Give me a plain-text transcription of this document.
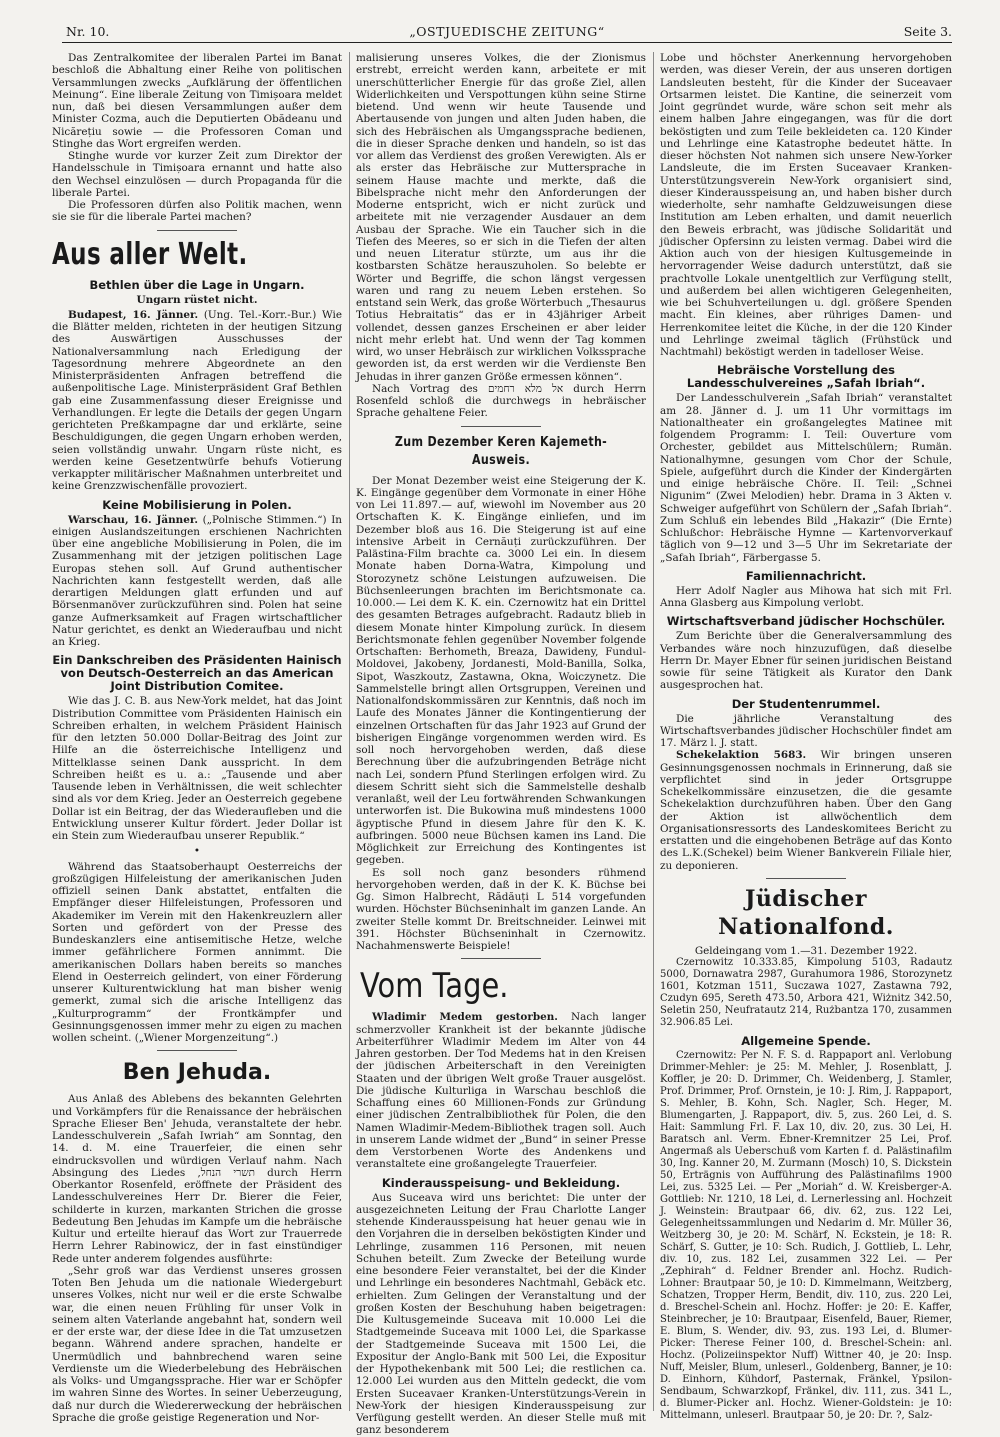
Nr. 10.	„OSTJUEDISCHE ZEITUNG“	Seite 3.

Das Zentralkomitee der liberalen Partei im Banat beschloß die Abhaltung einer Reihe von politischen Versammlungen zwecks „Aufklärung der öffentlichen Meinung“. Eine liberale Zeitung von Timișoara meldet nun, daß bei diesen Versammlungen außer dem Minister Cozma, auch die Deputierten Obădeanu und Nicărețiu sowie — die Professoren Coman und Stinghe das Wort ergreifen werden.

Stinghe wurde vor kurzer Zeit zum Direktor der Handelsschule in Timișoara ernannt und hatte also den Wechsel einzulösen — durch Propaganda für die liberale Partei.

Die Professoren dürfen also Politik machen, wenn sie sie für die liberale Partei machen?

Aus aller Welt.
Bethlen über die Lage in Ungarn.
Ungarn rüstet nicht.

Budapest, 16. Jänner. (Ung. Tel.-Korr.-Bur.) Wie die Blätter melden, richteten in der heutigen Sitzung des Auswärtigen Ausschusses der Nationalversammlung nach Erledigung der Tagesordnung mehrere Abgeordnete an den Ministerpräsidenten Anfragen betreffend die außenpolitische Lage. Ministerpräsident Graf Bethlen gab eine Zusammenfassung dieser Ereignisse und Verhandlungen. Er legte die Details der gegen Ungarn gerichteten Preßkampagne dar und erklärte, seine Beschuldigungen, die gegen Ungarn erhoben werden, seien vollständig unwahr. Ungarn rüste nicht, es werden keine Gesetzentwürfe behufs Votierung verkappter militärischer Maßnahmen unterbreitet und keine Grenzzwischenfälle provoziert.

Keine Mobilisierung in Polen.

Warschau, 16. Jänner. („Polnische Stimmen.“) In einigen Auslandszeitungen erschienen Nachrichten über eine angebliche Mobilisierung in Polen, die im Zusammenhang mit der jetzigen politischen Lage Europas stehen soll. Auf Grund authentischer Nachrichten kann festgestellt werden, daß alle derartigen Meldungen glatt erfunden und auf Börsenmanöver zurückzuführen sind. Polen hat seine ganze Aufmerksamkeit auf Fragen wirtschaftlicher Natur gerichtet, es denkt an Wiederaufbau und nicht an Krieg.

Ein Dankschreiben des Präsidenten Hainisch von Deutsch-Oesterreich an das American Joint Distribution Comitee.

Wie das J. C. B. aus New-York meldet, hat das Joint Distribution Committee vom Präsidenten Hainisch ein Schreiben erhalten, in welchem Präsident Hainisch für den letzten 50.000 Dollar-Beitrag des Joint zur Hilfe an die österreichische Intelligenz und Mittelklasse seinen Dank ausspricht. In dem Schreiben heißt es u. a.: „Tausende und aber Tausende leben in Verhältnissen, die weit schlechter sind als vor dem Krieg. Jeder an Oesterreich gegebene Dollar ist ein Beitrag, der das Wiederaufleben und die Entwicklung unserer Kultur fördert. Jeder Dollar ist ein Stein zum Wiederaufbau unserer Republik.“

•

Während das Staatsoberhaupt Oesterreichs der großzügigen Hilfeleistung der amerikanischen Juden offiziell seinen Dank abstattet, entfalten die Empfänger dieser Hilfeleistungen, Professoren und Akademiker im Verein mit den Hakenkreuzlern aller Sorten und gefördert von der Presse des Bundeskanzlers eine antisemitische Hetze, welche immer gefährlichere Formen annimmt. Die amerikanischen Dollars haben bereits so manches Elend in Oesterreich gelindert, von einer Förderung unserer Kulturentwicklung hat man bisher wenig gemerkt, zumal sich die arische Intelligenz das „Kulturprogramm“ der Frontkämpfer und Gesinnungsgenossen immer mehr zu eigen zu machen wollen scheint. („Wiener Morgenzeitung“.)

Ben Jehuda.

Aus Anlaß des Ablebens des bekannten Gelehrten und Vorkämpfers für die Renaissance der hebräischen Sprache Elieser Ben' Jehuda, veranstaltete der hebr. Landesschulverein „Safah Iwriah“ am Sonntag, den 14. d. M. eine Trauerfeier, die einen sehr eindrucksvollen und würdigen Verlauf nahm. Nach Absingung des Liedes ,תשרי הנחל durch Herrn Oberkantor Rosenfeld, eröffnete der Präsident des Landesschulvereines Herr Dr. Bierer die Feier, schilderte in kurzen, markanten Strichen die grosse Bedeutung Ben Jehudas im Kampfe um die hebräische Kultur und erteilte hierauf das Wort zur Trauerrede Herrn Lehrer Rabinowicz, der in fast einstündiger Rede unter anderem folgendes ausführte:

„Sehr groß war das Verdienst unseres grossen Toten Ben Jehuda um die nationale Wiedergeburt unseres Volkes, nicht nur weil er die erste Schwalbe war, die einen neuen Frühling für unser Volk in seinem alten Vaterlande angebahnt hat, sondern weil er der erste war, der diese Idee in die Tat umzusetzen begann. Während andere sprachen, handelte er Unermüdlich und bahnbrechend waren seine Verdienste um die Wiederbelebung des Hebräischen als Volks- und Umgangssprache. Hier war er Schöpfer im wahren Sinne des Wortes. In seiner Ueberzeugung, daß nur durch die Wiedererweckung der hebräischen Sprache die große geistige Regeneration und Nor-

malisierung unseres Volkes, die der Zionismus erstrebt, erreicht werden kann, arbeitete er mit unerschütterlicher Energie für das große Ziel, allen Widerlichkeiten und Verspottungen kühn seine Stirne bietend. Und wenn wir heute Tausende und Abertausende von jungen und alten Juden haben, die sich des Hebräischen als Umgangssprache bedienen, die in dieser Sprache denken und handeln, so ist das vor allem das Verdienst des großen Verewigten. Als er als erster das Hebräische zur Muttersprache in seinem Hause machte und merkte, daß die Bibelsprache nicht mehr den Anforderungen der Moderne entspricht, wich er nicht zurück und arbeitete mit nie verzagender Ausdauer an dem Ausbau der Sprache. Wie ein Taucher sich in die Tiefen des Meeres, so er sich in die Tiefen der alten und neuen Literatur stürzte, um aus ihr die kostbarsten Schätze herauszuholen. So belebte er Wörter und Begriffe, die schon längst vergessen waren und rang zu neuem Leben erstehen. So entstand sein Werk, das große Wörterbuch „Thesaurus Totius Hebraitatis“ das er in 43jähriger Arbeit vollendet, dessen ganzes Erscheinen er aber leider nicht mehr erlebt hat. Und wenn der Tag kommen wird, wo unser Hebräisch zur wirklichen Volkssprache geworden ist, da erst werden wir die Verdienste Ben Jehudas in ihrer ganzen Größe ermessen können“.

Nach Vortrag des אל מלא רחמים durch Herrn Rosenfeld schloß die durchwegs in hebräischer Sprache gehaltene Feier.

Zum Dezember Keren Kajemeth-Ausweis.

Der Monat Dezember weist eine Steigerung der K. K. Eingänge gegenüber dem Vormonate in einer Höhe von Lei 11.897.— auf, wiewohl im November aus 20 Ortschaften K. K. Eingänge einliefen, und im Dezember bloß aus 16. Die Steigerung ist auf eine intensive Arbeit in Cernăuți zurückzuführen. Der Palästina-Film brachte ca. 3000 Lei ein. In diesem Monate haben Dorna-Watra, Kimpolung und Storozynetz schöne Leistungen aufzuweisen. Die Büchsenleerungen brachten im Berichtsmonate ca. 10.000.— Lei dem K. K. ein. Czernowitz hat ein Drittel des gesamten Betrages aufgebracht. Radautz blieb in diesem Monate hinter Kimpolung zurück. In diesem Berichtsmonate fehlen gegenüber November folgende Ortschaften: Berhometh, Breaza, Dawideny, Fundul-Moldovei, Jakobeny, Jordanesti, Mold-Banilla, Solka, Sipot, Waszkoutz, Zastawna, Okna, Woiczynetz. Die Sammelstelle bringt allen Ortsgruppen, Vereinen und Nationalfondskommissären zur Kenntnis, daß noch im Laufe des Monates Jänner die Kontingentierung der einzelnen Ortschaften für das Jahr 1923 auf Grund der bisherigen Eingänge vorgenommen werden wird. Es soll noch hervorgehoben werden, daß diese Berechnung über die aufzubringenden Beträge nicht nach Lei, sondern Pfund Sterlingen erfolgen wird. Zu diesem Schritt sieht sich die Sammelstelle deshalb veranlaßt, weil der Leu fortwährenden Schwankungen unterworfen ist. Die Bukowina muß mindestens 1000 ägyptische Pfund in diesem Jahre für den K. K. aufbringen. 5000 neue Büchsen kamen ins Land. Die Möglichkeit zur Erreichung des Kontingentes ist gegeben.

Es soll noch ganz besonders rühmend hervorgehoben werden, daß in der K. K. Büchse bei Gg. Simon Halbrecht, Rădăuți L 514 vorgefunden wurden. Höchster Büchseninhalt im ganzen Lande. An zweiter Stelle kommt Dr. Breitschneider. Leinwei mit 391. Höchster Büchseninhalt in Czernowitz. Nachahmenswerte Beispiele!

Vom Tage.

Wladimir Medem gestorben. Nach langer schmerzvoller Krankheit ist der bekannte jüdische Arbeiterführer Wladimir Medem im Alter von 44 Jahren gestorben. Der Tod Medems hat in den Kreisen der jüdischen Arbeiterschaft in den Vereinigten Staaten und der übrigen Welt große Trauer ausgelöst. Die jüdische Kulturliga in Warschau beschloß die Schaffung eines 60 Millionen-Fonds zur Gründung einer jüdischen Zentralbibliothek für Polen, die den Namen Wladimir-Medem-Bibliothek tragen soll. Auch in unserem Lande widmet der „Bund“ in seiner Presse dem Verstorbenen Worte des Andenkens und veranstaltete eine großangelegte Trauerfeier.

Kinderausspeisung- und Bekleidung.

Aus Suceava wird uns berichtet: Die unter der ausgezeichneten Leitung der Frau Charlotte Langer stehende Kinderausspeisung hat heuer genau wie in den Vorjahren die in derselben beköstigten Kinder und Lehrlinge, zusammen 116 Personen, mit neuen Schuhen beteilt. Zum Zwecke der Beteilung wurde eine besondere Feier veranstaltet, bei der die Kinder und Lehrlinge ein besonderes Nachtmahl, Gebäck etc. erhielten. Zum Gelingen der Veranstaltung und der großen Kosten der Beschuhung haben beigetragen: Die Kultusgemeinde Suceava mit 10.000 Lei die Stadtgemeinde Suceava mit 1000 Lei, die Sparkasse der Stadtgemeinde Suceava mit 1500 Lei, die Expositur der Anglo-Bank mit 500 Lei, die Expositur der Hypothekenbank mit 500 Lei; die restlichen ca. 12.000 Lei wurden aus den Mitteln gedeckt, die vom Ersten Suceavaer Kranken-Unterstützungs-Verein in New-York der hiesigen Kinderausspeisung zur Verfügung gestellt werden. An dieser Stelle muß mit ganz besonderem

Lobe und höchster Anerkennung hervorgehoben werden, was dieser Verein, der aus unseren dortigen Landsleuten besteht, für die Kinder der Suceavaer Ortsarmen leistet. Die Kantine, die seinerzeit vom Joint gegründet wurde, wäre schon seit mehr als einem halben Jahre eingegangen, was für die dort beköstigten und zum Teile bekleideten ca. 120 Kinder und Lehrlinge eine Katastrophe bedeutet hätte. In dieser höchsten Not nahmen sich unsere New-Yorker Landsleute, die im Ersten Suceavaer Kranken-Unterstützungsverein New-York organisiert sind, dieser Kinderausspeisung an, und haben bisher durch wiederholte, sehr namhafte Geldzuweisungen diese Institution am Leben erhalten, und damit neuerlich den Beweis erbracht, was jüdische Solidarität und jüdischer Opfersinn zu leisten vermag. Dabei wird die Aktion auch von der hiesigen Kultusgemeinde in hervorragender Weise dadurch unterstützt, daß sie prachtvolle Lokale unentgeltlich zur Verfügung stellt, und außerdem bei allen wichtigeren Gelegenheiten, wie bei Schuhverteilungen u. dgl. größere Spenden macht. Ein kleines, aber rühriges Damen- und Herrenkomitee leitet die Küche, in der die 120 Kinder und Lehrlinge zweimal täglich (Frühstück und Nachtmahl) beköstigt werden in tadelloser Weise.

Hebräische Vorstellung des Landesschulvereines „Safah Ibriah“.

Der Landesschulverein „Safah Ibriah“ veranstaltet am 28. Jänner d. J. um 11 Uhr vormittags im Nationaltheater ein großangelegtes Matinee mit folgendem Programm: I. Teil: Ouverture vom Orchester, gebildet aus Mittelschülern; Rumän. Nationalhymne, gesungen vom Chor der Schule, Spiele, aufgeführt durch die Kinder der Kindergärten und einige hebräische Chöre. II. Teil: „Schnei Nigunim“ (Zwei Melodien) hebr. Drama in 3 Akten v. Schweiger aufgeführt von Schülern der „Safah Ibriah“. Zum Schluß ein lebendes Bild „Hakazir“ (Die Ernte) Schlußchor: Hebräische Hymne — Kartenvorverkauf täglich von 9—12 und 3—5 Uhr im Sekretariate der „Safah Ibriah“, Färbergasse 5.

Familiennachricht.

Herr Adolf Nagler aus Mihowa hat sich mit Frl. Anna Glasberg aus Kimpolung verlobt.

Wirtschaftsverband jüdischer Hochschüler.

Zum Berichte über die Generalversammlung des Verbandes wäre noch hinzuzufügen, daß dieselbe Herrn Dr. Mayer Ebner für seinen juridischen Beistand sowie für seine Tätigkeit als Kurator den Dank ausgesprochen hat.

Der Studentenrummel.

Die jährliche Veranstaltung des Wirtschaftsverbandes jüdischer Hochschüler findet am 17. März l. J. statt.

Schekelaktion 5683. Wir bringen unseren Gesinnungsgenossen nochmals in Erinnerung, daß sie verpflichtet sind in jeder Ortsgruppe Schekelkommissäre einzusetzen, die die gesamte Schekelaktion durchzuführen haben. Über den Gang der Aktion ist allwöchentlich dem Organisationsressorts des Landeskomitees Bericht zu erstatten und die eingehobenen Beträge auf das Konto des L.K.(Schekel) beim Wiener Bankverein Filiale hier, zu deponieren.

Jüdischer Nationalfond.

Geldeingang vom 1.—31. Dezember 1922.

Czernowitz 10.333.85, Kimpolung 5103, Radautz 5000, Dornawatra 2987, Gurahumora 1986, Storozynetz 1601, Kotzman 1511, Suczawa 1027, Zastawna 792, Czudyn 695, Sereth 473.50, Arbora 421, Wiżnitz 342.50, Seletin 250, Neufratautz 214, Rużbantza 170, zusammen 32.906.85 Lei.

Allgemeine Spende.

Czernowitz: Per N. F. S. d. Rappaport anl. Verlobung Drimmer-Mehler: je 25: M. Mehler, J. Rosenblatt, J. Koffler, je 20: D. Drimmer, Ch. Weidenberg, J. Stamler, Prof. Drimmer, Prof. Ornstein, je 10: J. Rim, J. Rappaport, S. Mehler, B. Kohn, Sch. Nagler, Sch. Heger, M. Blumengarten, J. Rappaport, div. 5, zus. 260 Lei, d. S. Hait: Sammlung Frl. F. Lax 10, div. 20, zus. 30 Lei, H. Baratsch anl. Verm. Ebner-Kremnitzer 25 Lei, Prof. Angermaß als Ueberschuß vom Karten f. d. Palästinafilm 30, Ing. Kanner 20, M. Zurmann (Mosch) 10, S. Dickstein 50, Erträgnis von Aufführung des Palästinafilms 1900 Lei, zus. 5325 Lei. — Per „Moriah“ d. W. Kreisberger-A. Gottlieb: Nr. 1210, 18 Lei, d. Lernerlessing anl. Hochzeit J. Weinstein: Brautpaar 66, div. 62, zus. 122 Lei, Gelegenheitssammlungen und Nedarim d. Mr. Müller 36, Weitzberg 30, je 20: M. Schärf, N. Eckstein, je 18: R. Schärf, S. Gutter, je 10: Sch. Rudich, J. Gottlieb, L. Lehr, div. 10, zus. 182 Lei, zusammen 322 Lei. — Per „Zephirah“ d. Feldner Brender anl. Hochz. Rudich-Lohner: Brautpaar 50, je 10: D. Kimmelmann, Weitzberg, Schatzen, Tropper Herm, Bendit, div. 110, zus. 220 Lei, d. Breschel-Schein anl. Hochz. Hoffer: je 20: E. Kaffer, Steinbrecher, je 10: Brautpaar, Eisenfeld, Bauer, Riemer, E. Blum, S. Wender, div. 93, zus. 193 Lei, d. Blumer-Picker: Therese Feiner 100, d. Breschel-Schein: anl. Hochz. (Polizeiinspektor Nuff) Wittner 40, je 20: Insp. Nuff, Meisler, Blum, unleserl., Goldenberg, Banner, je 10: D. Einhorn, Kühdorf, Pasternak, Fränkel, Ypsilon-Sendbaum, Schwarzkopf, Fränkel, div. 111, zus. 341 L., d. Blumer-Picker anl. Hochz. Wiener-Goldstein: je 10: Mittelmann, unleserl. Brautpaar 50, je 20: Dr. ?, Salz-
